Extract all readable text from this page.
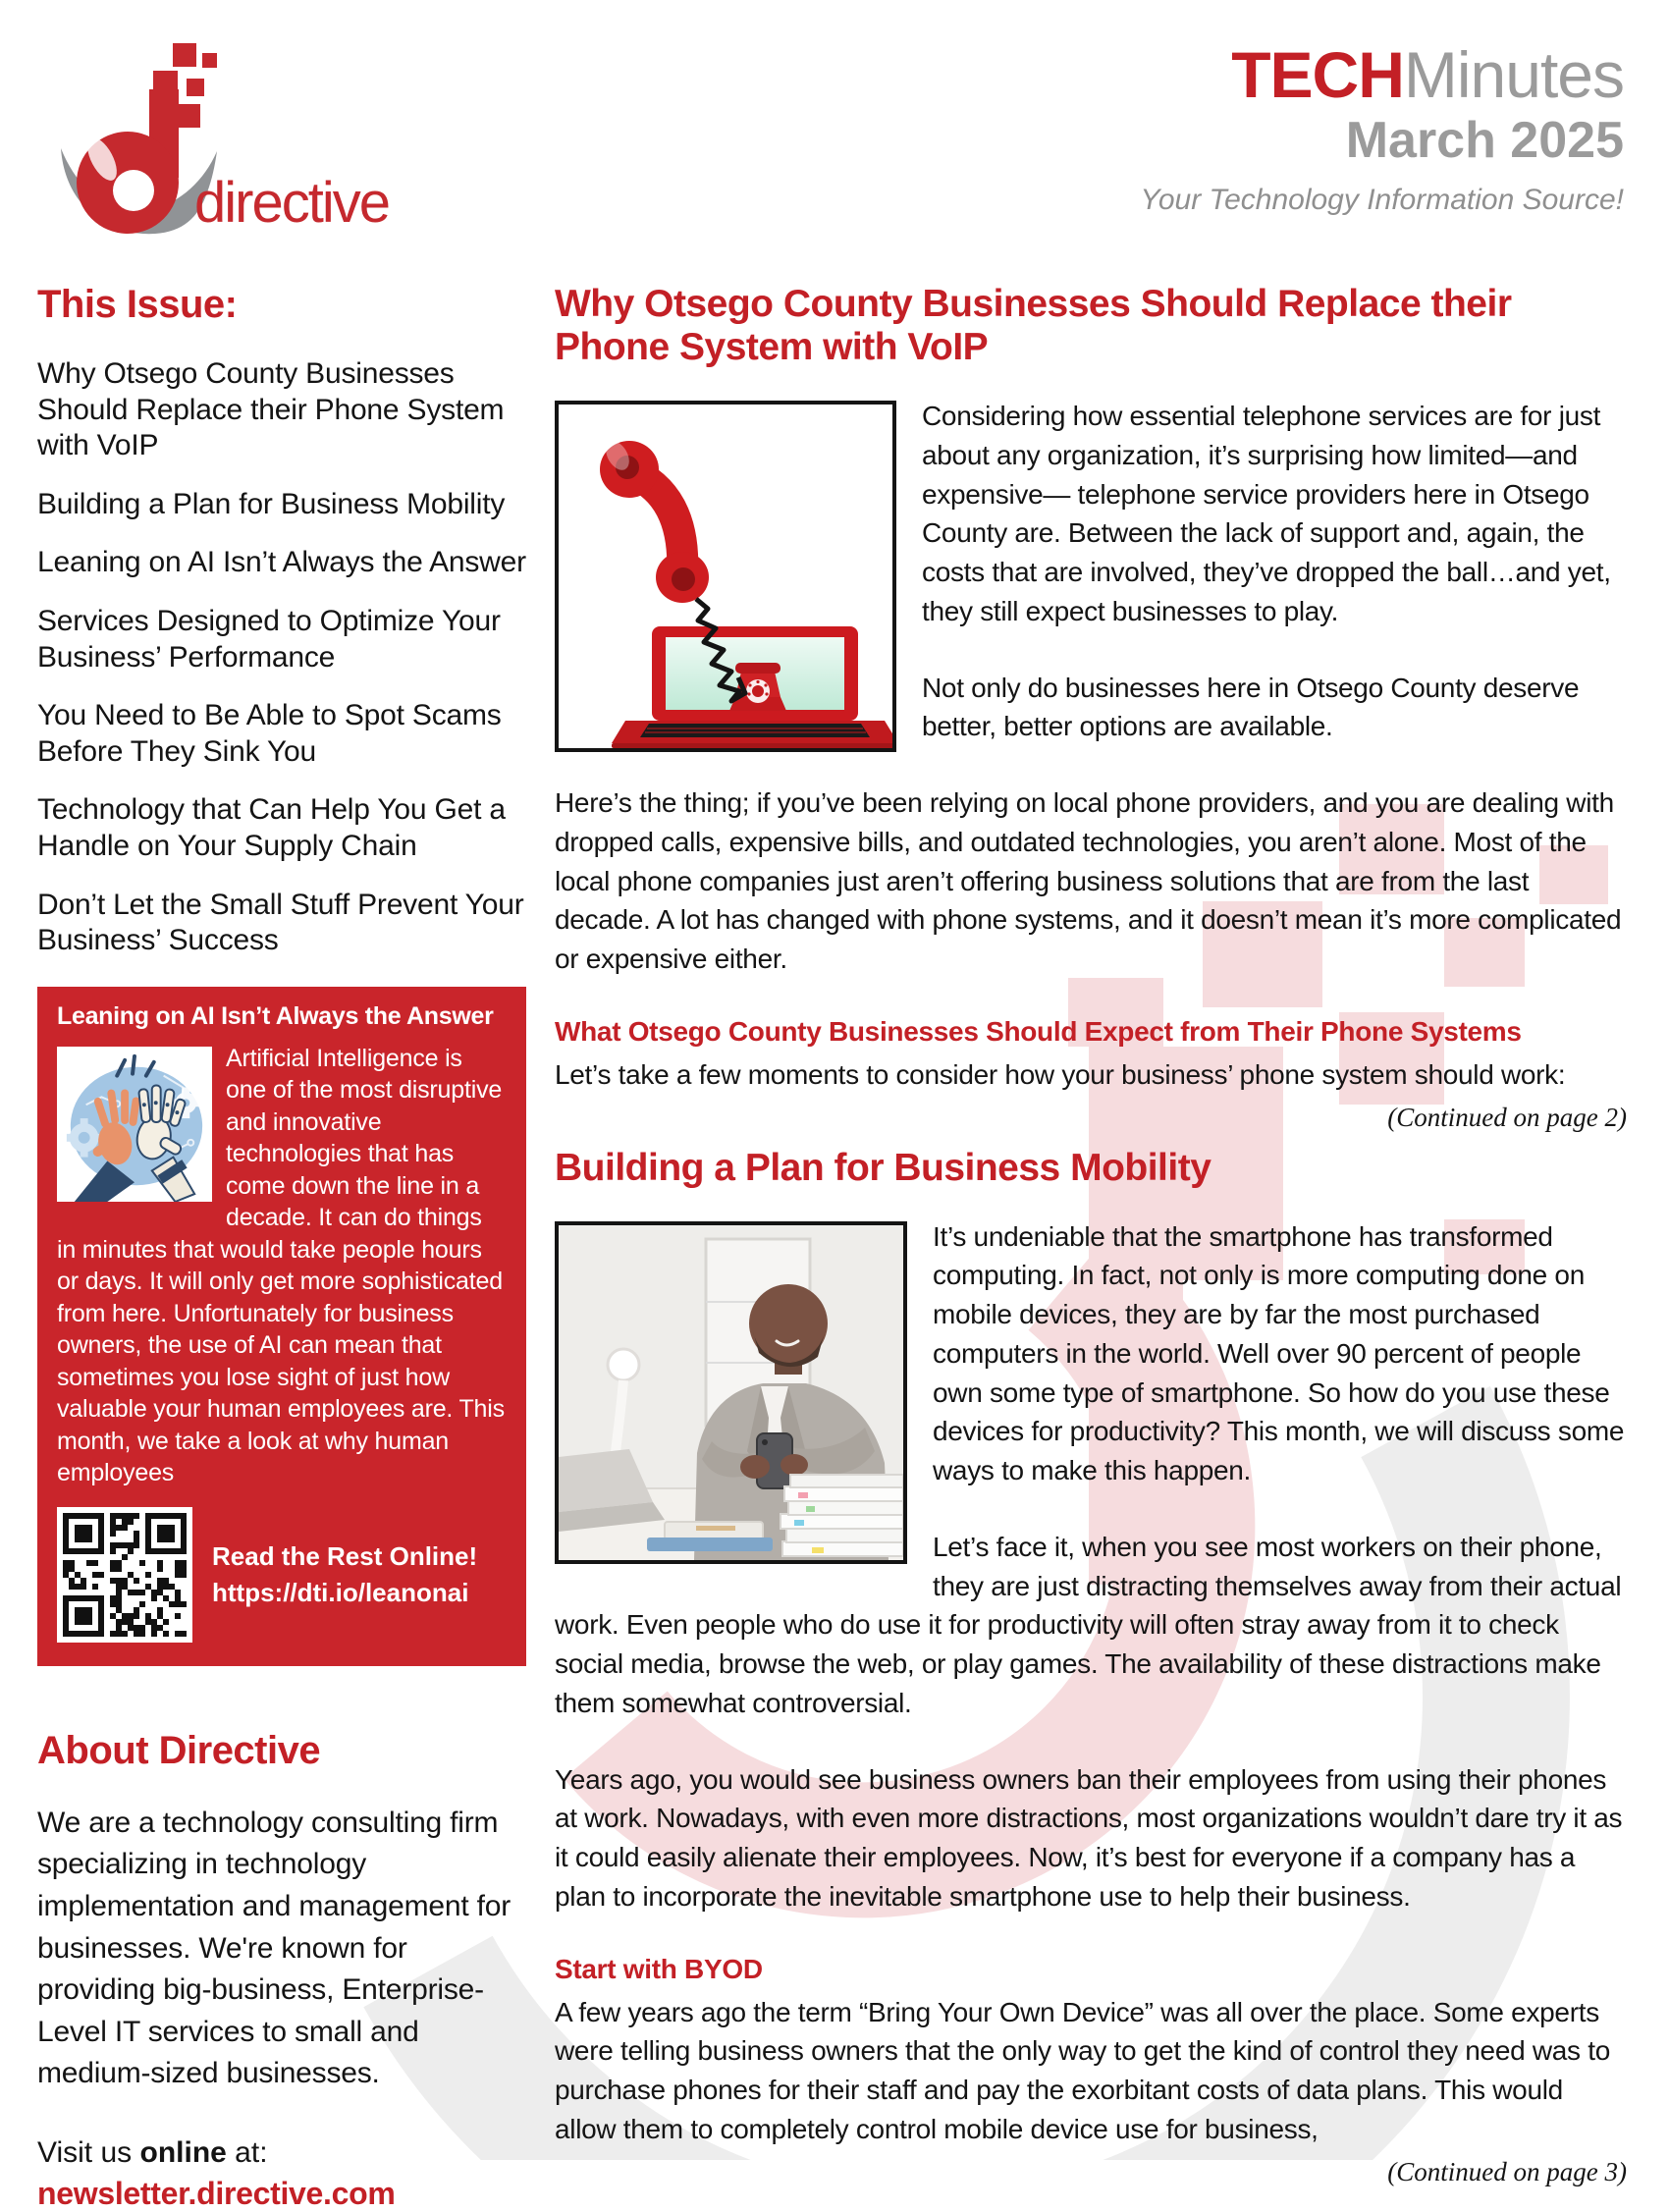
directive
TECHMinutes
March 2025
Your Technology Information Source!
This Issue:
Why Otsego County Businesses Should Replace their Phone System with VoIP
Building a Plan for Business Mobility
Leaning on AI Isn’t Always the Answer
Services Designed to Optimize Your Business’ Performance
You Need to Be Able to Spot Scams Before They Sink You
Technology that Can Help You Get a Handle on Your Supply Chain
Don’t Let the Small Stuff Prevent Your Business’ Success
Leaning on AI Isn’t Always the Answer
Artificial Intelligence is one of the most disruptive and innovative technologies that has come down the line in a decade. It can do things in minutes that would take people hours or days. It will only get more sophisticated from here. Unfortunately for business owners, the use of AI can mean that sometimes you lose sight of just how valuable your human employees are. This month, we take a look at why human employees
Read the Rest Online!
https://dti.io/leanonai
About Directive

We are a technology consulting firm specializing in technology implementation and management for businesses. We're known for providing big-business, Enterprise-Level IT services to small and medium-sized businesses.

Visit us online at:
newsletter.directive.com
Why Otsego County Businesses Should Replace their Phone System with VoIP

Considering how essential telephone services are for just about any organization, it’s surprising how limited—and expensive— telephone service providers here in Otsego County are. Between the lack of support and, again, the costs that are involved, they’ve dropped the ball…and yet, they still expect businesses to play.

Not only do businesses here in Otsego County deserve better, better options are available.

Here’s the thing; if you’ve been relying on local phone providers, and you are dealing with dropped calls, expensive bills, and outdated technologies, you aren’t alone. Most of the local phone companies just aren’t offering business solutions that are from the last decade. A lot has changed with phone systems, and it doesn’t mean it’s more complicated or expensive either.

What Otsego County Businesses Should Expect from Their Phone Systems

Let’s take a few moments to consider how your business’ phone system should work:

(Continued on page 2)
Building a Plan for Business Mobility

It’s undeniable that the smartphone has transformed computing. In fact, not only is more computing done on mobile devices, they are by far the most purchased computers in the world. Well over 90 percent of people own some type of smartphone. So how do you use these devices for productivity? This month, we will discuss some ways to make this happen.

Let’s face it, when you see most workers on their phone, they are just distracting themselves away from their actual work. Even people who do use it for productivity will often stray away from it to check social media, browse the web, or play games. The availability of these distractions make them somewhat controversial.

Years ago, you would see business owners ban their employees from using their phones at work. Nowadays, with even more distractions, most organizations wouldn’t dare try it as it could easily alienate their employees. Now, it’s best for everyone if a company has a plan to incorporate the inevitable smartphone use to help their business.

Start with BYOD

A few years ago the term “Bring Your Own Device” was all over the place. Some experts were telling business owners that the only way to get the kind of control they need was to purchase phones for their staff and pay the exorbitant costs of data plans. This would allow them to completely control mobile device use for business,

(Continued on page 3)
